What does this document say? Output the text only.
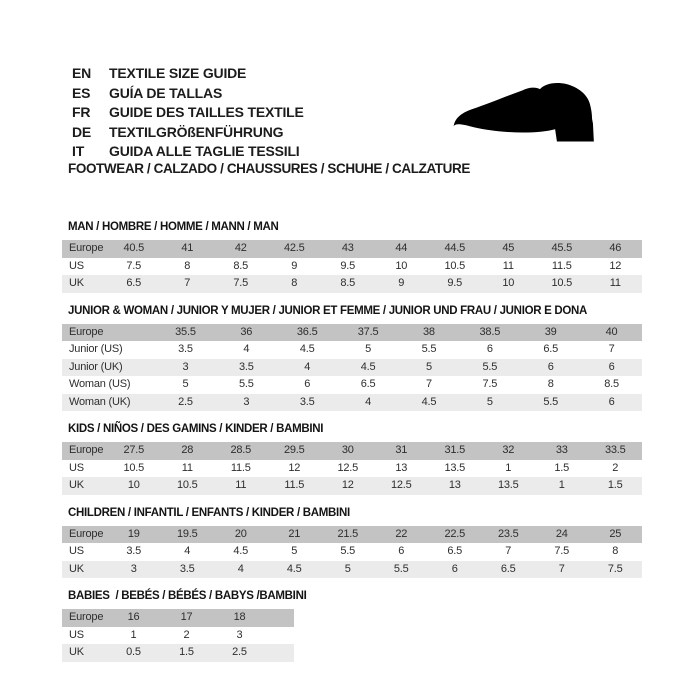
EN	TEXTILE SIZE GUIDE
ES	GUÍA DE TALLAS
FR	GUIDE DES TAILLES TEXTILE
DE	TEXTILGRÖßENFÜHRUNG
IT	GUIDA ALLE TAGLIE TESSILI
FOOTWEAR / CALZADO / CHAUSSURES / SCHUHE / CALZATURE
MAN / HOMBRE / HOMME / MANN / MAN
Europe	40.5	41	42	42.5	43	44	44.5	45	45.5	46
US	7.5	8	8.5	9	9.5	10	10.5	11	11.5	12
UK	6.5	7	7.5	8	8.5	9	9.5	10	10.5	11
JUNIOR & WOMAN / JUNIOR Y MUJER / JUNIOR ET FEMME / JUNIOR UND FRAU / JUNIOR E DONA
Europe	35.5	36	36.5	37.5	38	38.5	39	40
Junior (US)	3.5	4	4.5	5	5.5	6	6.5	7
Junior (UK)	3	3.5	4	4.5	5	5.5	6	6
Woman (US)	5	5.5	6	6.5	7	7.5	8	8.5
Woman (UK)	2.5	3	3.5	4	4.5	5	5.5	6
KIDS / NIÑOS / DES GAMINS / KINDER / BAMBINI
Europe	27.5	28	28.5	29.5	30	31	31.5	32	33	33.5
US	10.5	11	11.5	12	12.5	13	13.5	1	1.5	2
UK	10	10.5	11	11.5	12	12.5	13	13.5	1	1.5
CHILDREN / INFANTIL / ENFANTS / KINDER / BAMBINI
Europe	19	19.5	20	21	21.5	22	22.5	23.5	24	25
US	3.5	4	4.5	5	5.5	6	6.5	7	7.5	8
UK	3	3.5	4	4.5	5	5.5	6	6.5	7	7.5
BABIES  / BEBÉS / BÉBÉS / BABYS /BAMBINI
Europe	16	17	18	
US	1	2	3	
UK	0.5	1.5	2.5	
